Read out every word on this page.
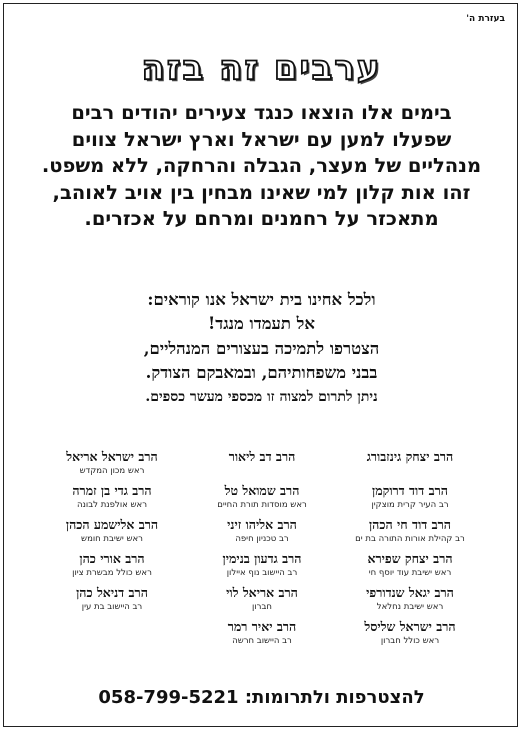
בעזרת ה'
ערבים זה בזה
בימים אלו הוצאו כנגד צעירים יהודים רבים
שפעלו למען עם ישראל וארץ ישראל צווים
מנהליים של מעצר, הגבלה והרחקה, ללא משפט.
זהו אות קלון למי שאינו מבחין בין אויב לאוהב,
מתאכזר על רחמנים ומרחם על אכזרים.
ולכל אחינו בית ישראל אנו קוראים:
אל תעמדו מנגד!
הצטרפו לתמיכה בעצורים המנהליים,
בבני משפחותיהם, ובמאבקם הצודק.
ניתן לתרום למצוה זו מכספי מעשר כספים.
הרב יצחק גינזבורג
הרב דוד דרוקמן
רב העיר קרית מוצקין
הרב דוד חי הכהן
רב קהילת אורות התורה בת ים
הרב יצחק שפירא
ראש ישיבת עוד יוסף חי
הרב יגאל שנדורפי
ראש ישיבת נחלאל
הרב ישראל שליסל
ראש כולל חברון
הרב דב ליאור
הרב שמואל טל
ראש מוסדות תורת החיים
הרב אליהו זיני
רב טכניון חיפה
הרב גדעון בנימין
רב היישוב נוף איילון
הרב אריאל לוי
חברון
הרב יאיר רמר
רב היישוב חרשה
הרב ישראל אריאל
ראש מכון המקדש
הרב גדי בן זמרה
ראש אולפנת לבונה
הרב אלישמע הכהן
ראש ישיבת חומש
הרב אורי כהן
ראש כולל מבשרת ציון
הרב דניאל כהן
רב היישוב בת עין
להצטרפות ולתרומות: 058-799-5221
